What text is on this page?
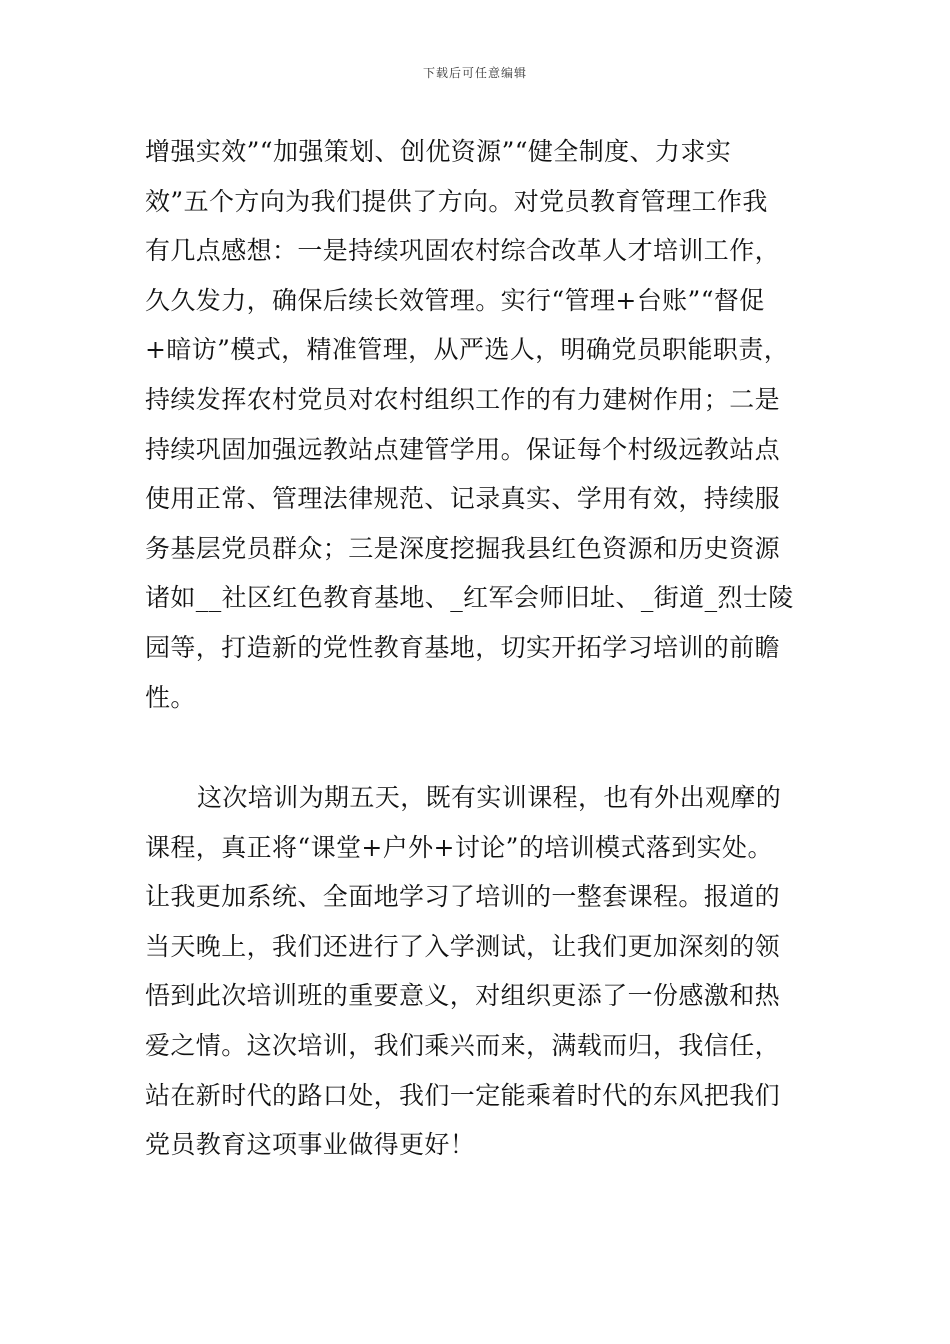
下载后可任意编辑
增强实效”“加强策划、创优资源”“健全制度、力求实
效”五个方向为我们提供了方向。对党员教育管理工作我
有几点感想：一是持续巩固农村综合改革人才培训工作，
久久发力，确保后续长效管理。实行“管理+台账”“督促
+暗访”模式，精准管理，从严选人，明确党员职能职责，
持续发挥农村党员对农村组织工作的有力建树作用；二是
持续巩固加强远教站点建管学用。保证每个村级远教站点
使用正常、管理法律规范、记录真实、学用有效，持续服
务基层党员群众；三是深度挖掘我县红色资源和历史资源
诸如__社区红色教育基地、_红军会师旧址、_街道_烈士陵
园等，打造新的党性教育基地，切实开拓学习培训的前瞻
性。
这次培训为期五天，既有实训课程，也有外出观摩的
课程，真正将“课堂+户外+讨论”的培训模式落到实处。
让我更加系统、全面地学习了培训的一整套课程。报道的
当天晚上，我们还进行了入学测试，让我们更加深刻的领
悟到此次培训班的重要意义，对组织更添了一份感激和热
爱之情。这次培训，我们乘兴而来，满载而归，我信任，
站在新时代的路口处，我们一定能乘着时代的东风把我们
党员教育这项事业做得更好！
